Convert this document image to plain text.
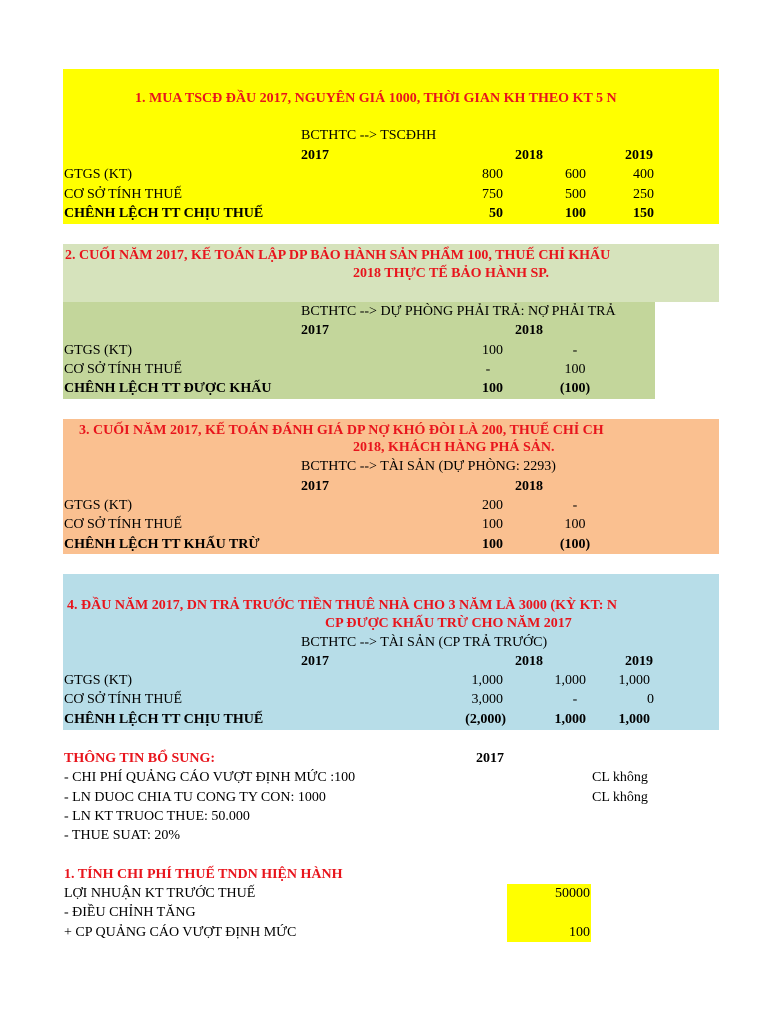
1. MUA TSCĐ ĐẦU 2017, NGUYÊN GIÁ 1000, THỜI GIAN KH THEO KT 5 N
BCTHTC --> TSCĐHH
2017	2018	2019
GTGS (KT)	800	600	400
CƠ SỞ TÍNH THUẾ	750	500	250
CHÊNH LỆCH TT CHỊU THUẾ	50	100	150
2. CUỐI NĂM 2017, KẾ TOÁN LẬP DP BẢO HÀNH SẢN PHẨM 100, THUẾ CHỈ KHẤU
2018 THỰC TẾ BẢO HÀNH SP.
BCTHTC --> DỰ PHÒNG PHẢI TRẢ: NỢ PHẢI TRẢ
2017	2018
GTGS (KT)	100	-
CƠ SỞ TÍNH THUẾ	-	100
CHÊNH LỆCH TT ĐƯỢC KHẤU	100	(100)
3. CUỐI NĂM 2017, KẾ TOÁN ĐÁNH GIÁ DP NỢ KHÓ ĐÒI LÀ 200, THUẾ CHỈ CH
2018, KHÁCH HÀNG PHÁ SẢN.
BCTHTC --> TÀI SẢN (DỰ PHÒNG: 2293)
2017	2018
GTGS (KT)	200	-
CƠ SỞ TÍNH THUẾ	100	100
CHÊNH LỆCH TT KHẤU TRỪ	100	(100)
4. ĐẦU NĂM 2017, DN TRẢ TRƯỚC TIỀN THUÊ NHÀ CHO 3 NĂM LÀ 3000 (KỲ KT: N
CP ĐƯỢC KHẤU TRỪ CHO NĂM 2017
BCTHTC --> TÀI SẢN (CP TRẢ TRƯỚC)
2017	2018	2019
GTGS (KT)	1,000	1,000	1,000
CƠ SỞ TÍNH THUẾ	3,000	-	0
CHÊNH LỆCH TT CHỊU THUẾ	(2,000)	1,000	1,000
THÔNG TIN BỔ SUNG:	2017
- CHI PHÍ QUẢNG CÁO VƯỢT ĐỊNH MỨC :100	CL không
- LN DUOC CHIA TU CONG TY CON: 1000	CL không
- LN KT TRUOC THUE: 50.000
- THUE SUAT: 20%
1. TÍNH CHI PHÍ THUẾ TNDN HIỆN HÀNH
LỢI NHUẬN KT TRƯỚC THUẾ	50000
- ĐIỀU CHỈNH TĂNG
+ CP QUẢNG CÁO VƯỢT ĐỊNH MỨC	100
